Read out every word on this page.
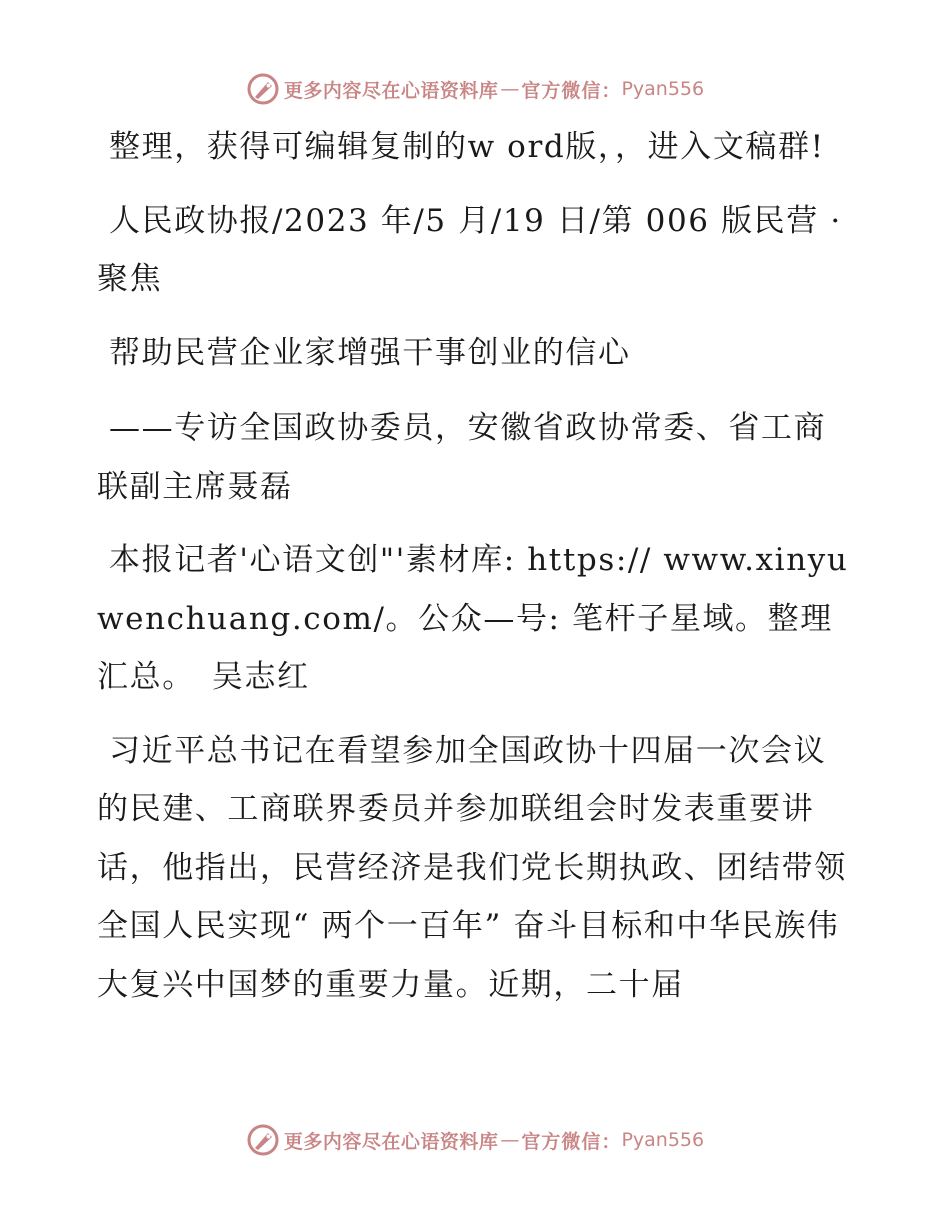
更多内容尽在心语资料库 — 官方微信： Pyan556

整理，获得可编辑复制的w ord版，，进入文稿群!

人民政协报/2023 年/5 月/19 日/第 006 版民营 · 聚焦

帮助民营企业家增强干事创业的信心

——专访全国政协委员，安徽省政协常委、省工商联副主席聂磊

本报记者'心语文创"'素材库: https:// www.xinyuwenchuang.com/。公众—号: 笔杆子星域。整理汇总。　吴志红

习近平总书记在看望参加全国政协十四届一次会议的民建、工商联界委员并参加联组会时发表重要讲话，他指出，民营经济是我们党长期执政、团结带领全国人民实现“ 两个一百年” 奋斗目标和中华民族伟大复兴中国梦的重要力量。近期，二十届

更多内容尽在心语资料库 — 官方微信： Pyan556
